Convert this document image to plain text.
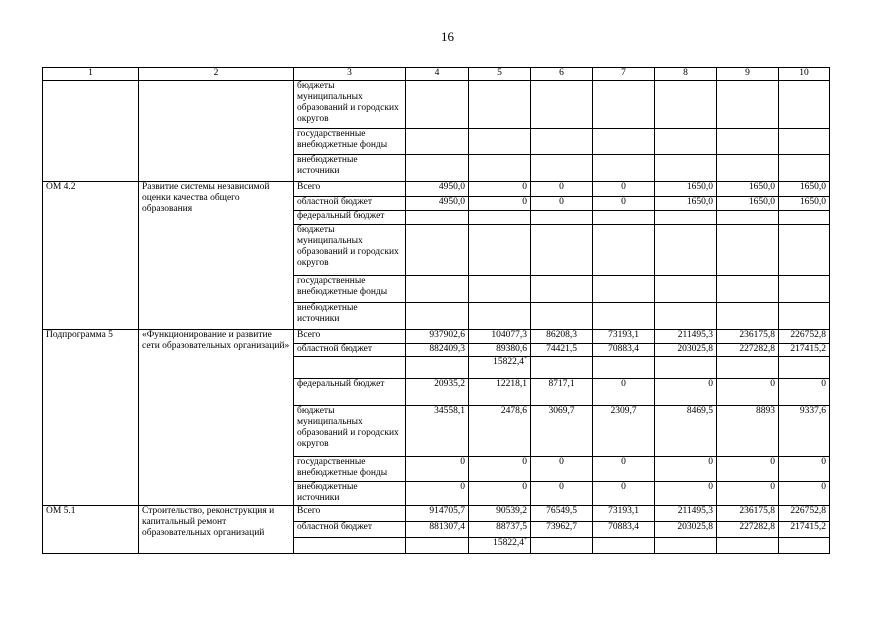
16
1	2	3	4	5	6	7	8	9	10
		бюджеты муниципальных образований и городских округов							
		государственные внебюджетные фонды							
		внебюджетные источники							
ОМ 4.2	Развитие системы независимой оценки качества общего образования	Всего	4950,0	0	0	0	1650,0	1650,0	1650,0
		областной бюджет	4950,0	0	0	0	1650,0	1650,0	1650,0
		федеральный бюджет							
		бюджеты муниципальных образований и городских округов							
		государственные внебюджетные фонды							
		внебюджетные источники							
Подпрограмма 5	«Функционирование и развитие сети образовательных организаций»	Всего	937902,6	104077,3	86208,3	73193,1	211495,3	236175,8	226752,8
		областной бюджет	882409,3	89380,6	74421,5	70883,4	203025,8	227282,8	217415,2
				15822,4*					
		федеральный бюджет	20935,2	12218,1	8717,1	0	0	0	0
		бюджеты муниципальных образований и городских округов	34558,1	2478,6	3069,7	2309,7	8469,5	8893	9337,6
		государственные внебюджетные фонды	0	0	0	0	0	0	0
		внебюджетные источники	0	0	0	0	0	0	0
ОМ 5.1	Строительство, реконструкция и капитальный ремонт образовательных организаций	Всего	914705,7	90539,2	76549,5	73193,1	211495,3	236175,8	226752,8
		областной бюджет	881307,4	88737,5	73962,7	70883,4	203025,8	227282,8	217415,2
				15822,4*					
